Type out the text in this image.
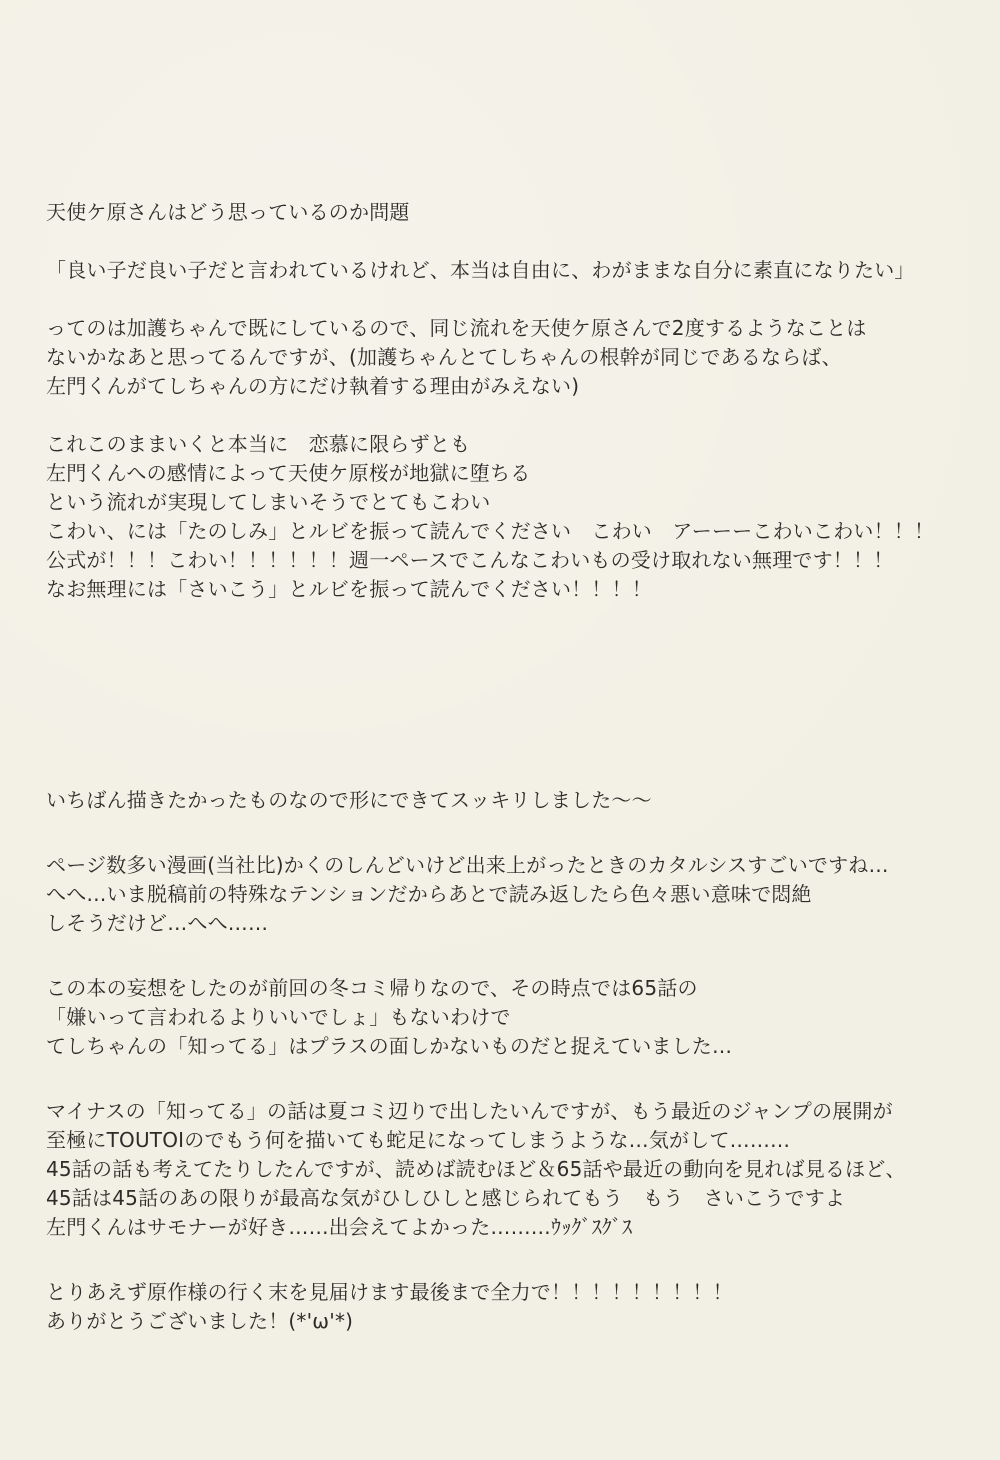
天使ケ原さんはどう思っているのか問題
「良い子だ良い子だと言われているけれど、本当は自由に、わがままな自分に素直になりたい」
ってのは加護ちゃんで既にしているので、同じ流れを天使ケ原さんで2度するようなことは
ないかなあと思ってるんですが、(加護ちゃんとてしちゃんの根幹が同じであるならば、
左門くんがてしちゃんの方にだけ執着する理由がみえない)
これこのままいくと本当に　恋慕に限らずとも
左門くんへの感情によって天使ケ原桜が地獄に堕ちる
という流れが実現してしまいそうでとてもこわい
こわい、には「たのしみ」とルビを振って読んでください　こわい　アーーーこわいこわい！！！
公式が！！！こわい！！！！！！週一ペースでこんなこわいもの受け取れない無理です！！！
なお無理には「さいこう」とルビを振って読んでください！！！！
いちばん描きたかったものなので形にできてスッキリしました〜〜
ページ数多い漫画(当社比)かくのしんどいけど出来上がったときのカタルシスすごいですね…
へへ…いま脱稿前の特殊なテンションだからあとで読み返したら色々悪い意味で悶絶
しそうだけど…へへ……
この本の妄想をしたのが前回の冬コミ帰りなので、その時点では65話の
「嫌いって言われるよりいいでしょ」もないわけで
てしちゃんの「知ってる」はプラスの面しかないものだと捉えていました…
マイナスの「知ってる」の話は夏コミ辺りで出したいんですが、もう最近のジャンプの展開が
至極にTOUTOIのでもう何を描いても蛇足になってしまうような…気がして………
45話の話も考えてたりしたんですが、読めば読むほど＆65話や最近の動向を見れば見るほど、
45話は45話のあの限りが最高な気がひしひしと感じられてもう　もう　さいこうですよ
左門くんはサモナーが好き……出会えてよかった………ｳｯｸﾞｽｸﾞｽ
とりあえず原作様の行く末を見届けます最後まで全力で！！！！！！！！！
ありがとうございました！(*'ω'*)
